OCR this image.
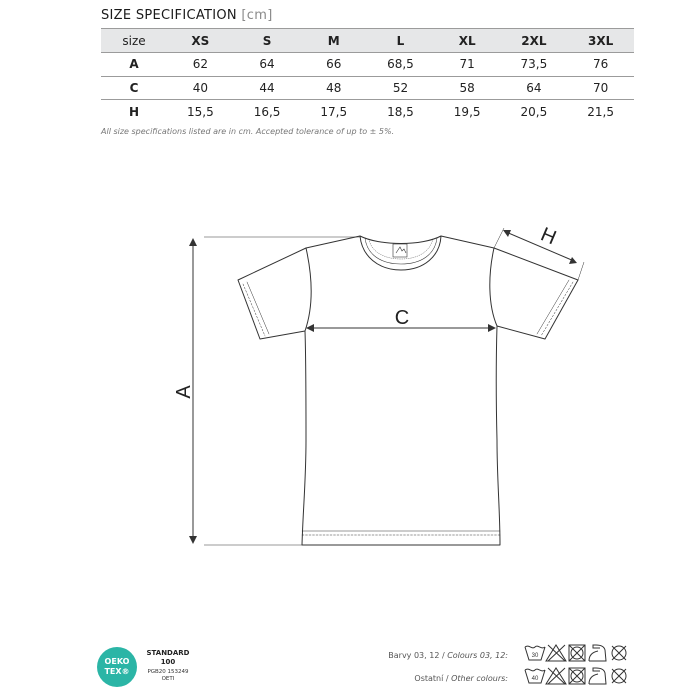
SIZE SPECIFICATION [cm]
size	XS	S	M	L	XL	2XL	3XL
A	62	64	66	68,5	71	73,5	76
C	40	44	48	52	58	64	70
H	15,5	16,5	17,5	18,5	19,5	20,5	21,5
All size specifications listed are in cm. Accepted tolerance of up to ± 5%.
A
C
H
30
40
OEKO
TEX®
STANDARD
100
PGB20 153249
OETI
Barvy 03, 12 / Colours 03, 12:
Ostatní / Other colours:
